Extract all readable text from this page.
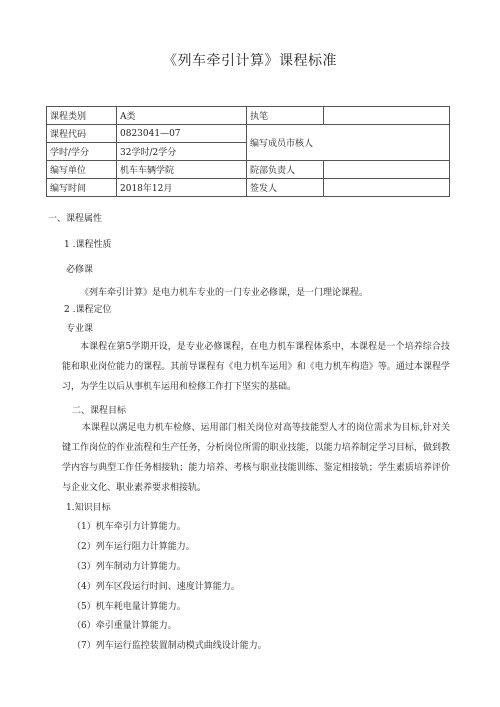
《列车牵引计算》课程标准
课程类别	A类	执笔	
课程代码	0823041—07	编写成员市核人	
学时/学分	32学时/2学分		
编写单位	机车车辆学院	院部负责人	
编写时间	2018年12月	签发人	
一、课程属性
1 .课程性质
必修课
《列车牵引计算》是电力机车专业的一门专业必修课，是一门理论课程。
2 .课程定位
专业课
本课程在第5学期开设，是专业必修课程，在电力机车课程体系中，本课程是一个培养综合技能和职业岗位能力的课程。其前导课程有《电力机车运用》和《电力机车构造》等。通过本课程学习，为学生以后从事机车运用和检修工作打下坚实的基础。
二、课程目标
本课程以满足电力机车检修、运用部门相关岗位对高等技能型人才的岗位需求为目标,针对关键工作岗位的作业流程和生产任务，分析岗位所需的职业技能，以能力培养制定学习目标，做到教学内容与典型工作任务相接轨；能力培养、考核与职业技能训练、鉴定相接轨；学生素质培养评价与企业文化、职业素养要求相接轨。
1.知识目标
（1）机车牵引力计算能力。
（2）列车运行阻力计算能力。
（3）列车制动力计算能力。
（4）列车区段运行时间、速度计算能力。
（5）机车耗电量计算能力。
（6）牵引重量计算能力。
（7）列车运行监控装置制动模式曲线设计能力。
